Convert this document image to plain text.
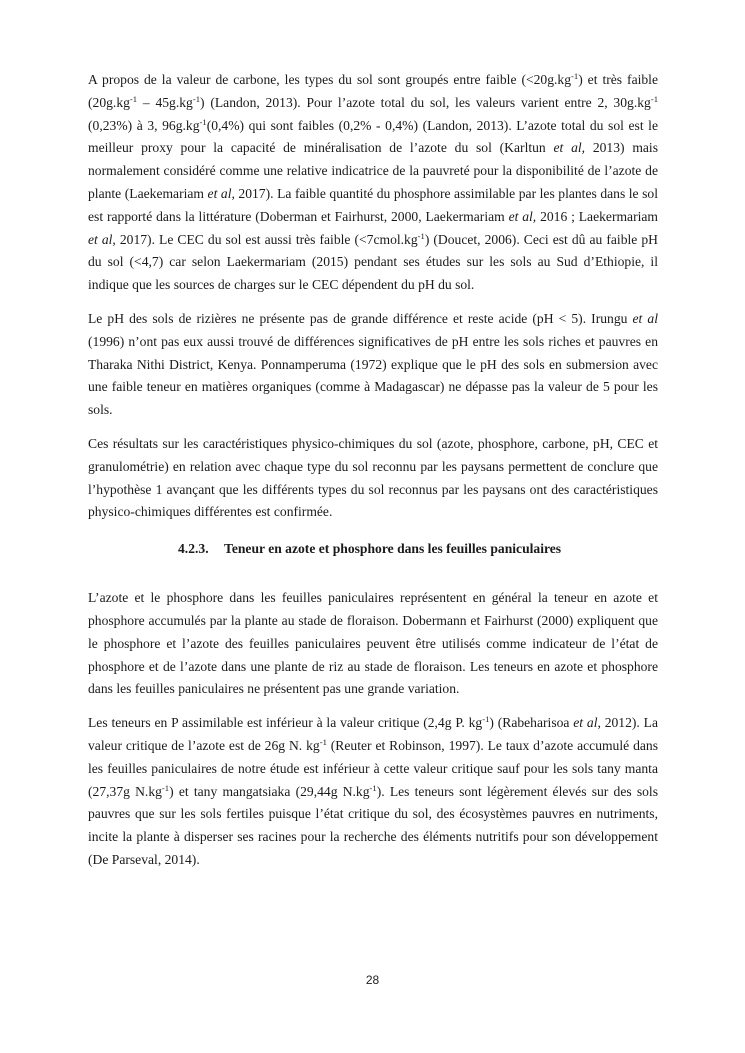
A propos de la valeur de carbone, les types du sol sont groupés entre faible $(<20g.kg^{-1})$ et très faible $(20g.kg^{-1} - 45g.kg^{-1})$ (Landon, 2013). Pour l’azote total du sol, les valeurs varient entre 2, $30g.kg^{-1}$ (0,23%) à 3, $96g.kg^{-1}(0,4\%)$ qui sont faibles (0,2% - 0,4%) (Landon, 2013). L’azote total du sol est le meilleur proxy pour la capacité de minéralisation de l’azote du sol (Karltun et al, 2013) mais normalement considéré comme une relative indicatrice de la pauvreté pour la disponibilité de l’azote de plante (Laekemariam et al, 2017). La faible quantité du phosphore assimilable par les plantes dans le sol est rapporté dans la littérature (Doberman et Fairhurst, 2000, Laekermariam et al, 2016 ; Laekermariam et al, 2017). Le CEC du sol est aussi très faible $(<7cmol.kg^{-1})$ (Doucet, 2006). Ceci est dû au faible pH du sol (<4,7) car selon Laekermariam (2015) pendant ses études sur les sols au Sud d’Ethiopie, il indique que les sources de charges sur le CEC dépendent du pH du sol.

Le pH des sols de rizières ne présente pas de grande différence et reste acide (pH < 5). Irungu et al (1996) n’ont pas eux aussi trouvé de différences significatives de pH entre les sols riches et pauvres en Tharaka Nithi District, Kenya. Ponnamperuma (1972) explique que le pH des sols en submersion avec une faible teneur en matières organiques (comme à Madagascar) ne dépasse pas la valeur de 5 pour les sols.

Ces résultats sur les caractéristiques physico-chimiques du sol (azote, phosphore, carbone, pH, CEC et granulométrie) en relation avec chaque type du sol reconnu par les paysans permettent de conclure que l’hypothèse 1 avançant que les différents types du sol reconnus par les paysans ont des caractéristiques physico-chimiques différentes est confirmée.

4.2.3. Teneur en azote et phosphore dans les feuilles paniculaires

L’azote et le phosphore dans les feuilles paniculaires représentent en général la teneur en azote et phosphore accumulés par la plante au stade de floraison. Dobermann et Fairhurst (2000) expliquent que le phosphore et l’azote des feuilles paniculaires peuvent être utilisés comme indicateur de l’état de phosphore et de l’azote dans une plante de riz au stade de floraison. Les teneurs en azote et phosphore dans les feuilles paniculaires ne présentent pas une grande variation.

Les teneurs en P assimilable est inférieur à la valeur critique (2,4g P. $kg^{-1}$) (Rabeharisoa et al, 2012). La valeur critique de l’azote est de 26g N. $kg^{-1}$ (Reuter et Robinson, 1997). Le taux d’azote accumulé dans les feuilles paniculaires de notre étude est inférieur à cette valeur critique sauf pour les sols tany manta (27,37g $N.kg^{-1}$) et tany mangatsiaka (29,44g $N.kg^{-1}$). Les teneurs sont légèrement élevés sur des sols pauvres que sur les sols fertiles puisque l’état critique du sol, des écosystèmes pauvres en nutriments, incite la plante à disperser ses racines pour la recherche des éléments nutritifs pour son développement (De Parseval, 2014).

28
